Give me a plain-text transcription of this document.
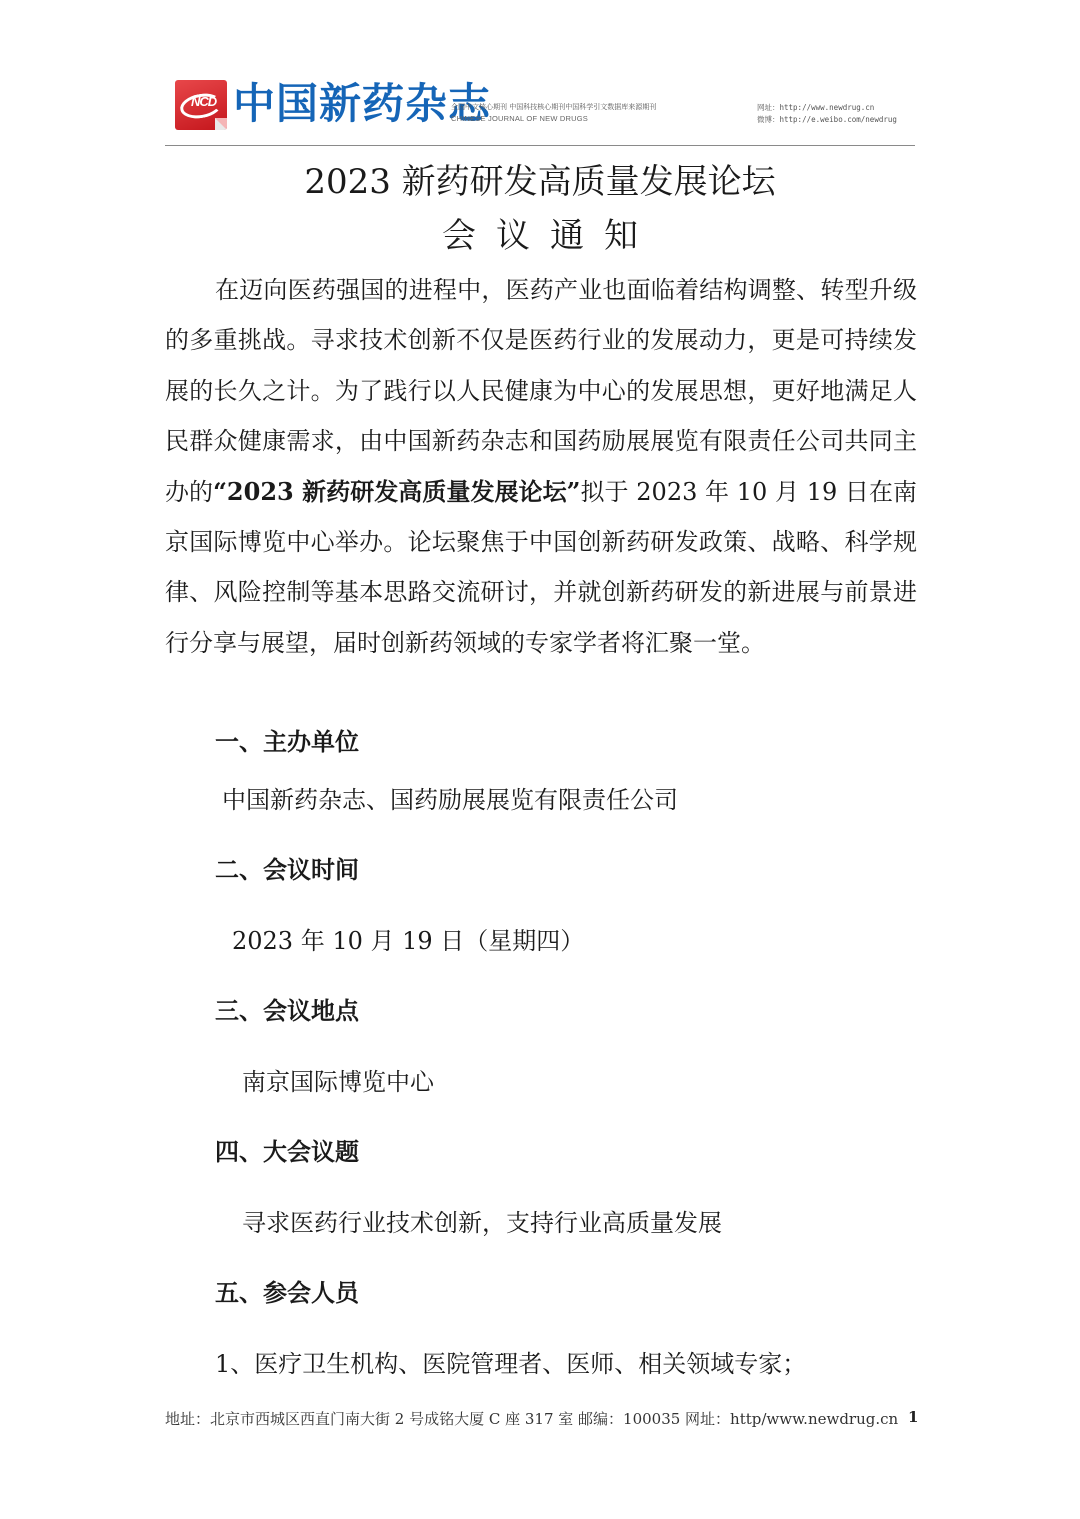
NCD 中国新药杂志
全国中文核心期刊 中国科技核心期刊中国科学引文数据库来源期刊
CHINESE JOURNAL OF NEW DRUGS
网址：http://www.newdrug.cn
微博：http://e.weibo.com/newdrug
2023 新药研发高质量发展论坛
会议通知
在迈向医药强国的进程中，医药产业也面临着结构调整、转型升级的多重挑战。寻求技术创新不仅是医药行业的发展动力，更是可持续发展的长久之计。为了践行以人民健康为中心的发展思想，更好地满足人民群众健康需求，由中国新药杂志和国药励展展览有限责任公司共同主办的“2023 新药研发高质量发展论坛”拟于 2023 年 10 月 19 日在南京国际博览中心举办。论坛聚焦于中国创新药研发政策、战略、科学规律、风险控制等基本思路交流研讨，并就创新药研发的新进展与前景进行分享与展望，届时创新药领域的专家学者将汇聚一堂。
一、主办单位
中国新药杂志、国药励展展览有限责任公司
二、会议时间
2023 年 10 月 19 日（星期四）
三、会议地点
南京国际博览中心
四、大会议题
寻求医药行业技术创新，支持行业高质量发展
五、参会人员
1、医疗卫生机构、医院管理者、医师、相关领域专家；
地址：北京市西城区西直门南大街 2 号成铭大厦 C 座 317 室 邮编：100035 网址：http/www.newdrug.cn 1
